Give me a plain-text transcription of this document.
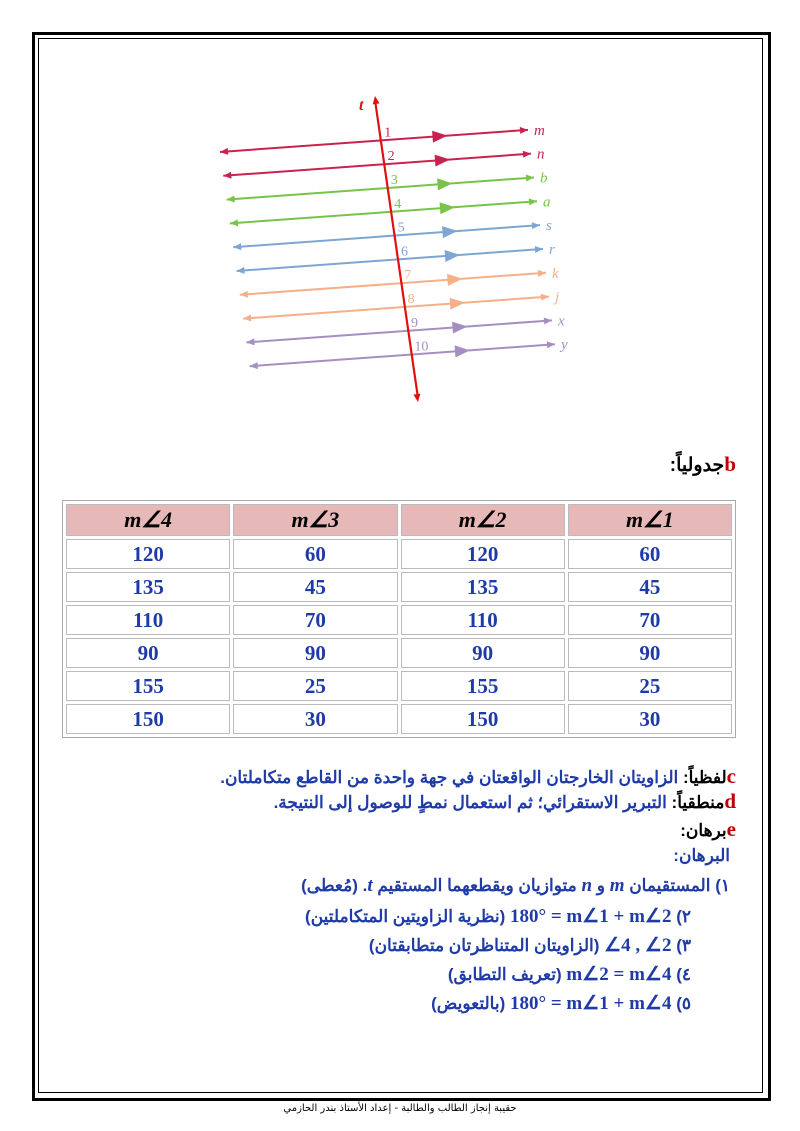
m
1
n
2
b
3
a
4
s
5
r
6
k
7
j
8
x
9
y
10
t
bجدولياً:
m∠4	m∠3	m∠2	m∠1
120	60	120	60
135	45	135	45
110	70	110	70
90	90	90	90
155	25	155	25
150	30	150	30
cلفظياً: الزاويتان الخارجتان الواقعتان في جهة واحدة من القاطع متكاملتان.
dمنطقياً: التبرير الاستقرائي؛ ثم استعمال نمطٍ للوصول إلى النتيجة.
eبرهان:
البرهان:
١) المستقيمان m و n متوازيان ويقطعهما المستقيم t. (مُعطى)
٢) 180° = m∠1 + m∠2 (نظرية الزاويتين المتكاملتين)
٣) ∠4 , ∠2 (الزاويتان المتناظرتان متطابقتان)
٤) m∠2 = m∠4 (تعريف التطابق)
٥) 180° = m∠1 + m∠4 (بالتعويض)
حقيبة إنجاز الطالب والطالبة - إعداد الأستاذ بندر الحازمي
